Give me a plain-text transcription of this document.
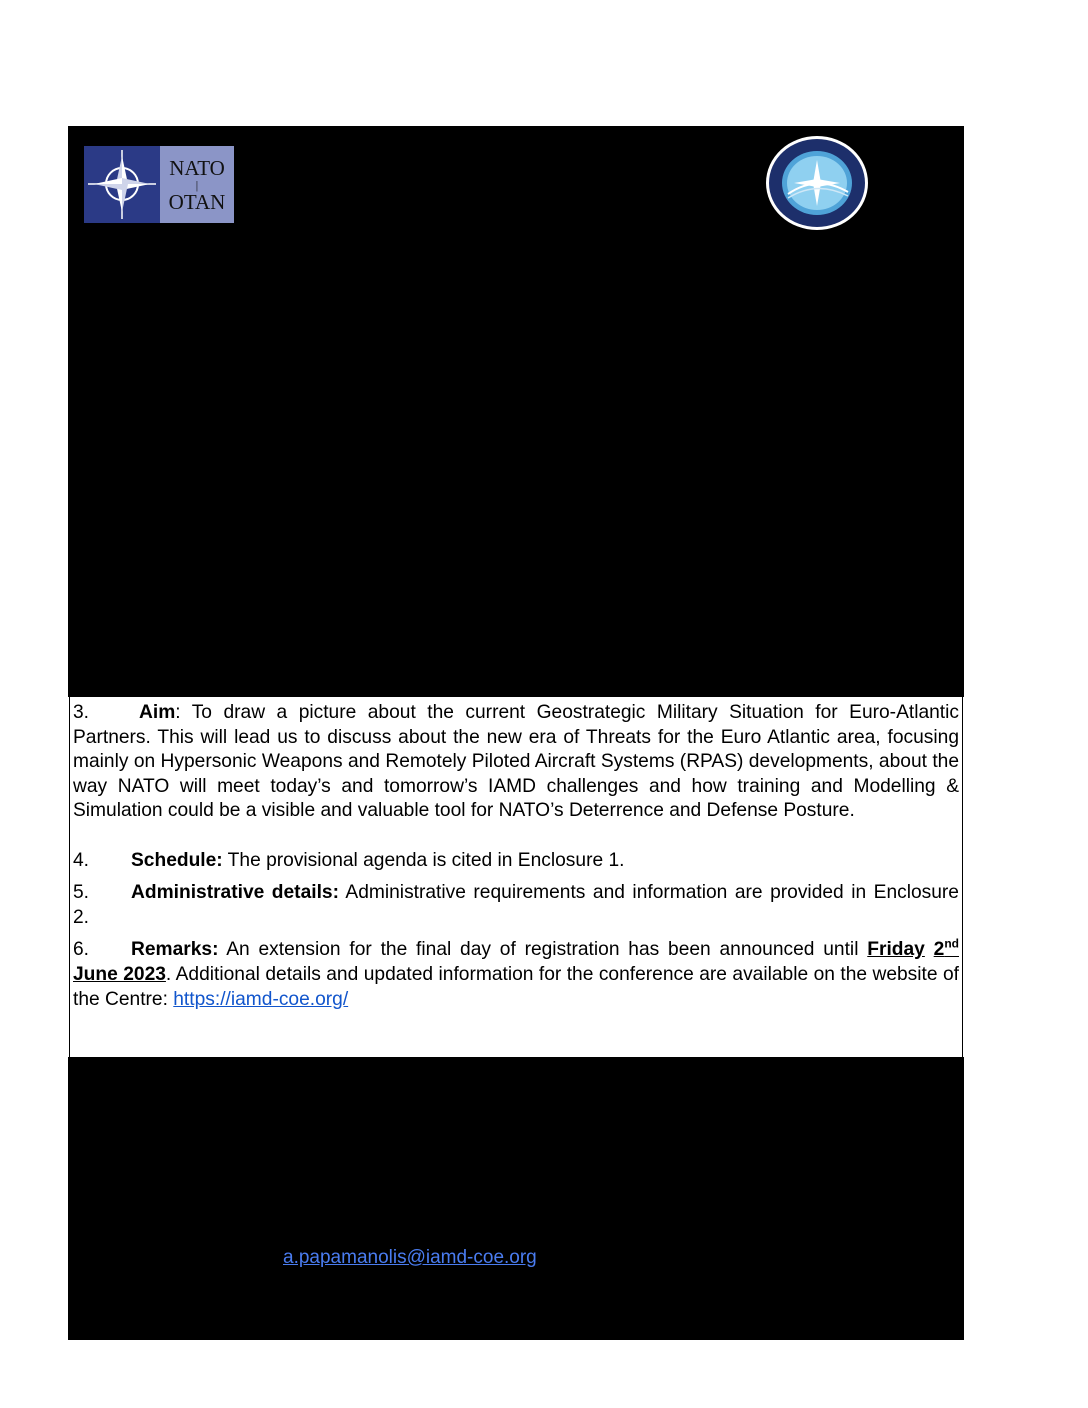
NATO
|
OTAN

3.	Aim: To draw a picture about the current Geostrategic Military Situation for Euro-Atlantic Partners. This will lead us to discuss about the new era of Threats for the Euro Atlantic area, focusing mainly on Hypersonic Weapons and Remotely Piloted Aircraft Systems (RPAS) developments, about the way NATO will meet today’s and tomorrow’s IAMD challenges and how training and Modelling & Simulation could be a visible and valuable tool for NATO’s Deterrence and Defense Posture.

4. Schedule: The provisional agenda is cited in Enclosure 1.

5. Administrative details: Administrative requirements and information are provided in Enclosure 2.

6. Remarks: An extension for the final day of registration has been announced until Friday 2nd June 2023. Additional details and updated information for the conference are available on the website of the Centre: https://iamd-coe.org/

a.papamanolis@iamd-coe.org
